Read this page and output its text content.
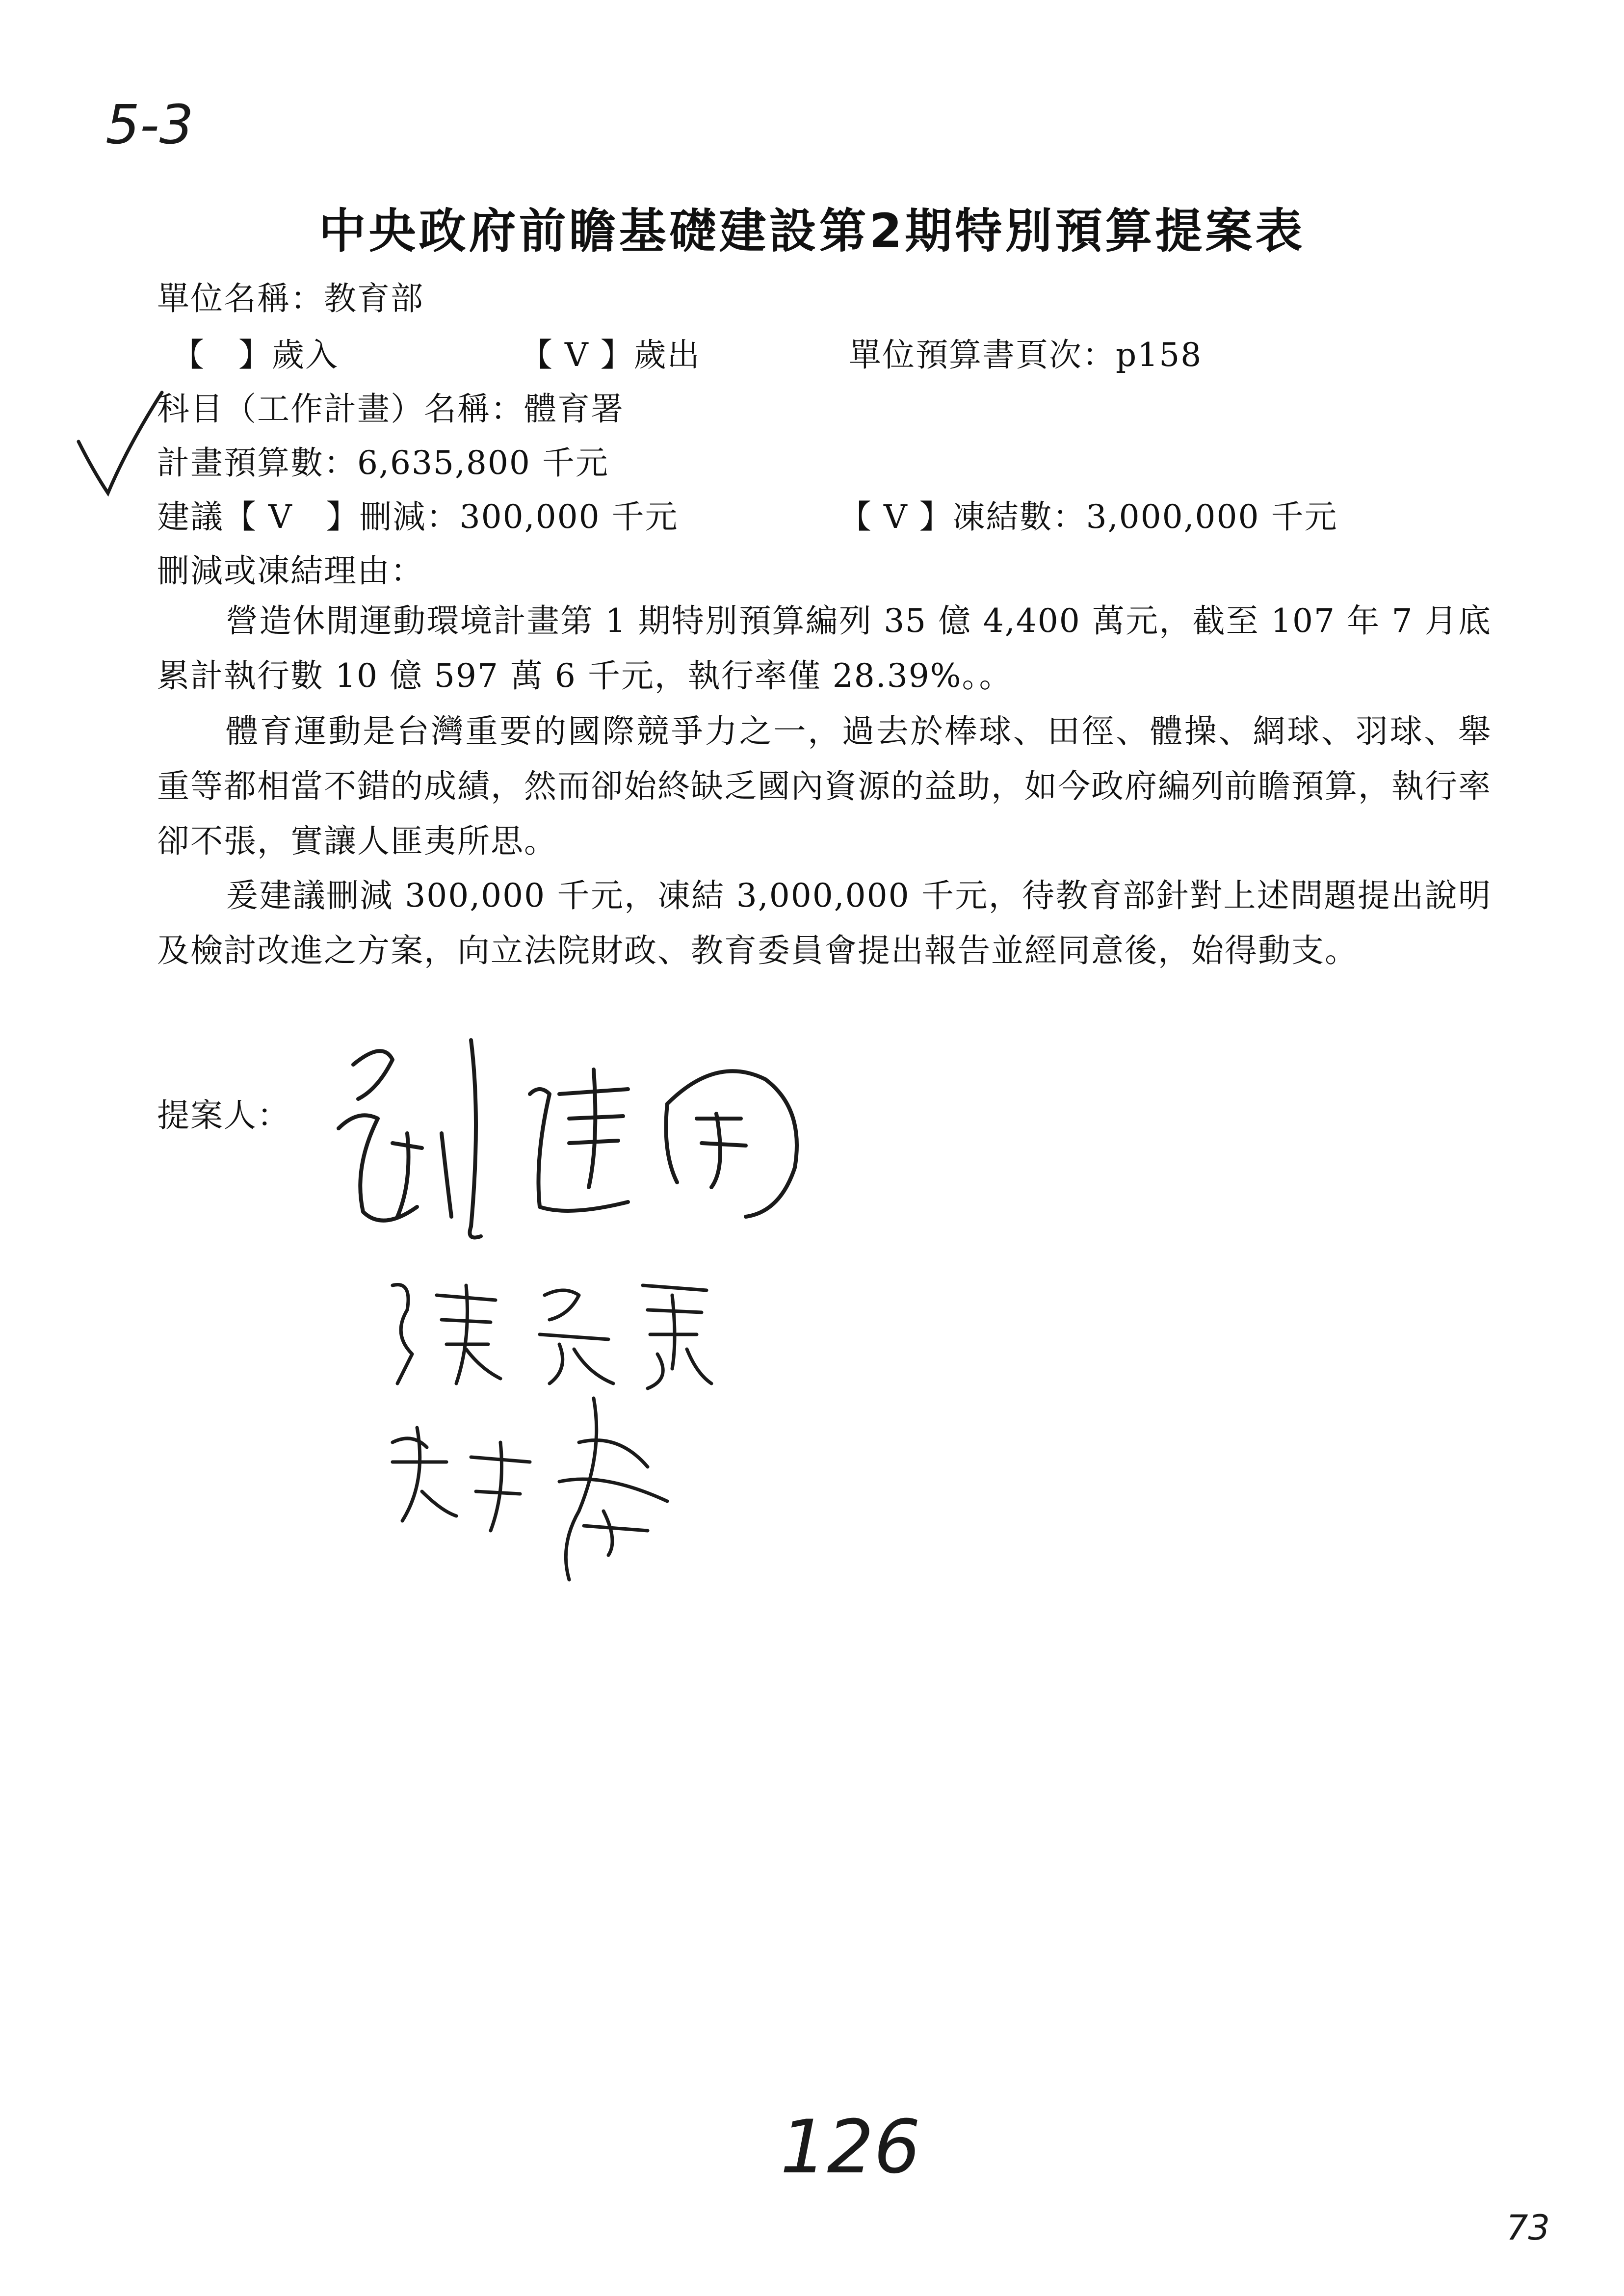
5-3
126
73
中央政府前瞻基礎建設第2期特別預算提案表
單位名稱：教育部
【　】歲入	【 V 】歲出	單位預算書頁次：p158
科目（工作計畫）名稱：體育署
計畫預算數：6,635,800 千元
建議【 V　】刪減：300,000 千元	【 V 】凍結數：3,000,000 千元
刪減或凍結理由：
營造休閒運動環境計畫第 1 期特別預算編列 35 億 4,400 萬元，截至 107 年 7 月底累計執行數 10 億 597 萬 6 千元，執行率僅 28.39%。。
體育運動是台灣重要的國際競爭力之一，過去於棒球、田徑、體操、網球、羽球、舉重等都相當不錯的成績，然而卻始終缺乏國內資源的益助，如今政府編列前瞻預算，執行率卻不張，實讓人匪夷所思。
爰建議刪減 300,000 千元，凍結 3,000,000 千元，待教育部針對上述問題提出說明及檢討改進之方案，向立法院財政、教育委員會提出報告並經同意後，始得動支。
提案人：
